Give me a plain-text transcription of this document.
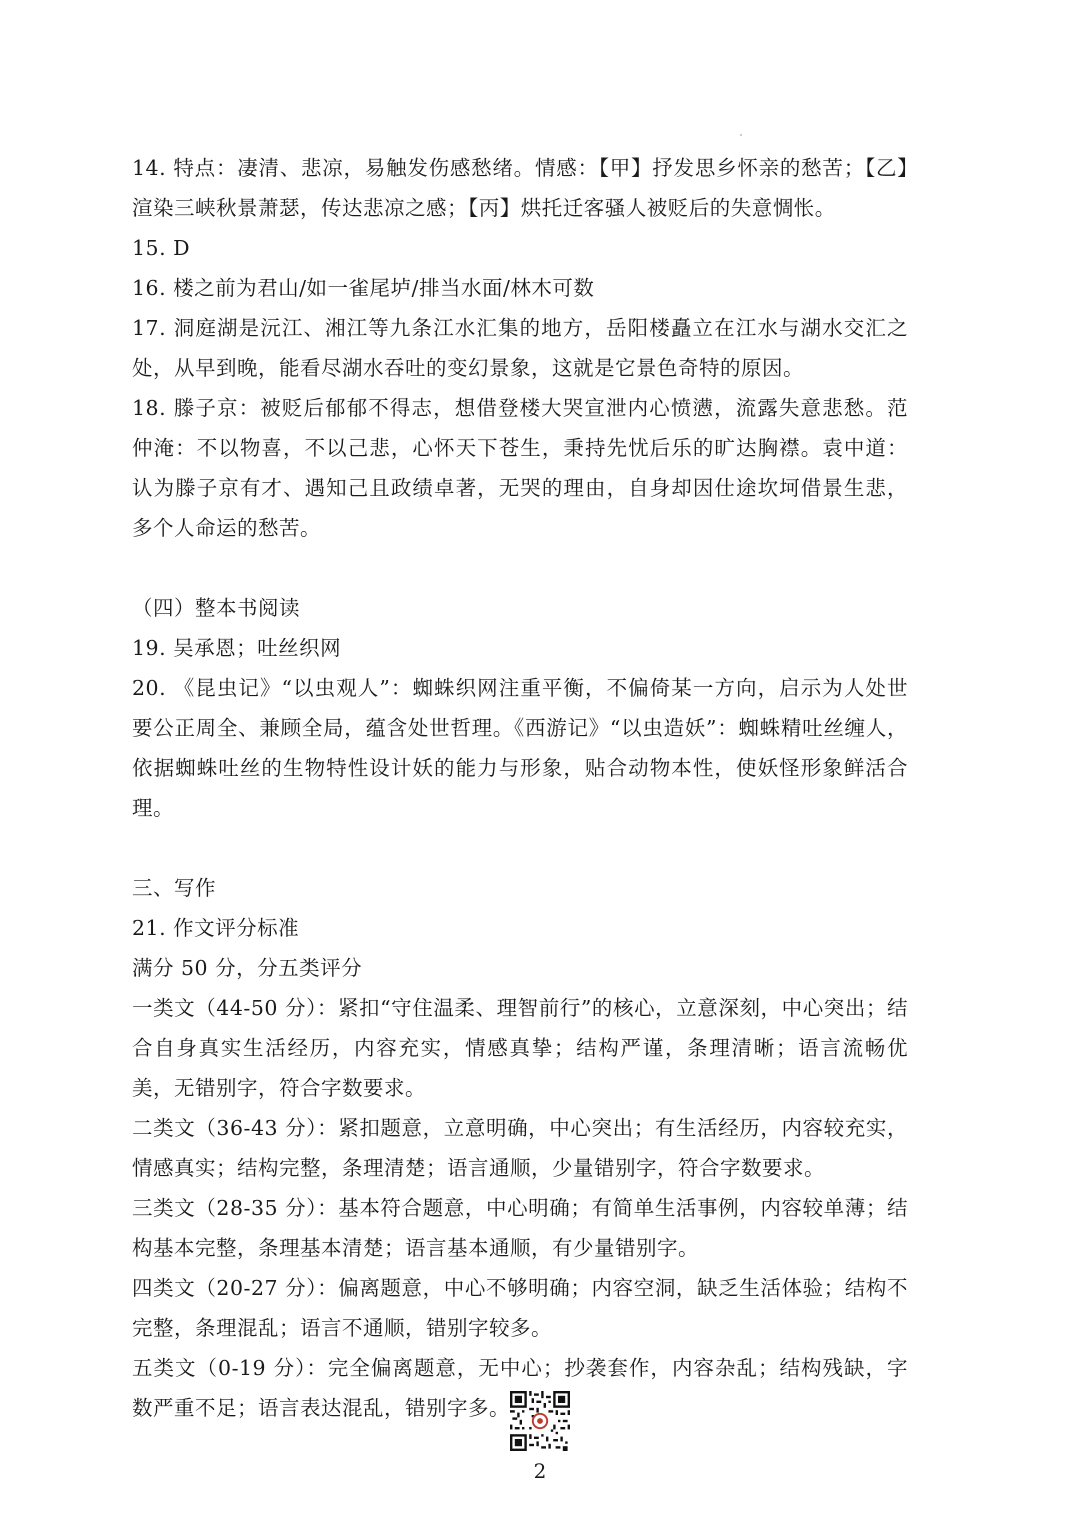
14. 特点：凄清、悲凉，易触发伤感愁绪。情感：【甲】抒发思乡怀亲的愁苦；【乙】渲染三峡秋景萧瑟，传达悲凉之感；【丙】烘托迁客骚人被贬后的失意惆怅。

15. D

16. 楼之前为君山/如一雀尾垆/排当水面/林木可数

17. 洞庭湖是沅江、湘江等九条江水汇集的地方，岳阳楼矗立在江水与湖水交汇之处，从早到晚，能看尽湖水吞吐的变幻景象，这就是它景色奇特的原因。

18. 滕子京：被贬后郁郁不得志，想借登楼大哭宣泄内心愤懑，流露失意悲愁。范仲淹：不以物喜，不以己悲，心怀天下苍生，秉持先忧后乐的旷达胸襟。袁中道：认为滕子京有才、遇知己且政绩卓著，无哭的理由，自身却因仕途坎坷借景生悲，多个人命运的愁苦。

（四）整本书阅读

19. 吴承恩；吐丝织网

20. 《昆虫记》“以虫观人”：蜘蛛织网注重平衡，不偏倚某一方向，启示为人处世要公正周全、兼顾全局，蕴含处世哲理。《西游记》“以虫造妖”：蜘蛛精吐丝缠人，依据蜘蛛吐丝的生物特性设计妖的能力与形象，贴合动物本性，使妖怪形象鲜活合理。

三、写作

21. 作文评分标准

满分 50 分，分五类评分

一类文（44-50 分）：紧扣“守住温柔、理智前行”的核心，立意深刻，中心突出；结合自身真实生活经历，内容充实，情感真挚；结构严谨，条理清晰；语言流畅优美，无错别字，符合字数要求。

二类文（36-43 分）：紧扣题意，立意明确，中心突出；有生活经历，内容较充实，情感真实；结构完整，条理清楚；语言通顺，少量错别字，符合字数要求。

三类文（28-35 分）：基本符合题意，中心明确；有简单生活事例，内容较单薄；结构基本完整，条理基本清楚；语言基本通顺，有少量错别字。

四类文（20-27 分）：偏离题意，中心不够明确；内容空洞，缺乏生活体验；结构不完整，条理混乱；语言不通顺，错别字较多。

五类文（0-19 分）：完全偏离题意，无中心；抄袭套作，内容杂乱；结构残缺，字数严重不足；语言表达混乱，错别字多。

2
